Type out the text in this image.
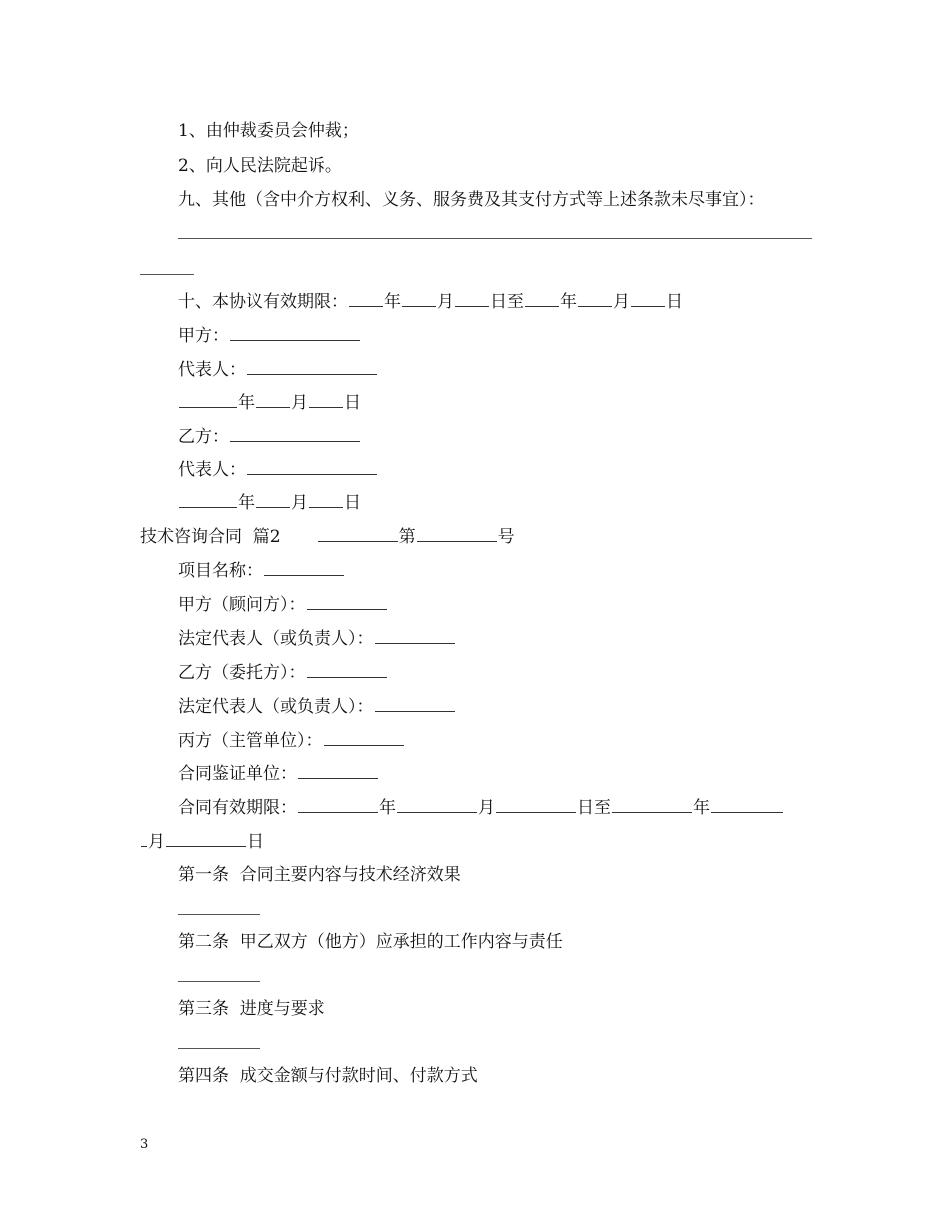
1、由仲裁委员会仲裁；
2、向人民法院起诉。
九、其他（含中介方权利、义务、服务费及其支付方式等上述条款未尽事宜）：
十、本协议有效期限： 年 月 日至 年 月 日
甲方：
代表人：
年 月 日
乙方：
代表人：
年 月 日
技术咨询合同  篇2	第	号
项目名称：
甲方（顾问方）：
法定代表人（或负责人）：
乙方（委托方）：
法定代表人（或负责人）：
丙方（主管单位）：
合同鉴证单位：
合同有效期限：	年	月	日至	年
月	日
第一条  合同主要内容与技术经济效果
第二条  甲乙双方（他方）应承担的工作内容与责任
第三条  进度与要求
第四条  成交金额与付款时间、付款方式
3
